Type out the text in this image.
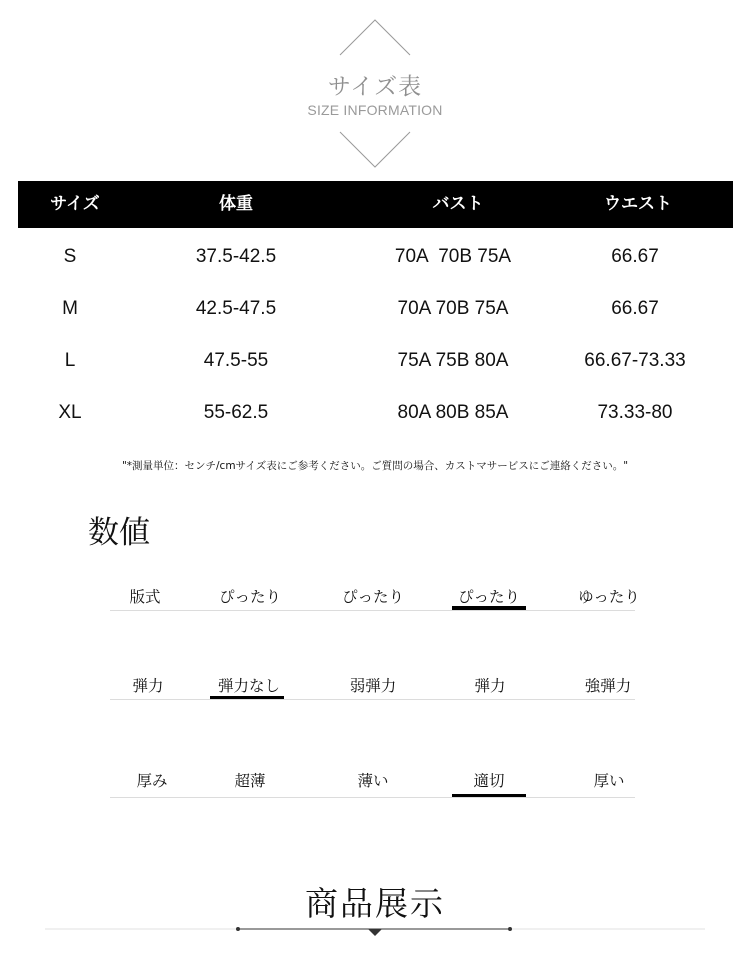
サイズ表
SIZE INFORMATION
サイズ	体重	バスト	ウエスト
S	37.5-42.5	70A  70B 75A	66.67
M	42.5-47.5	70A 70B 75A	66.67
L	47.5-55	75A 75B 80A	66.67-73.33
XL	55-62.5	80A 80B 85A	73.33-80
"*測量単位：センチ/cmサイズ表にご参考ください。ご質問の場合、カストマサービスにご連絡ください。"
数値
版式	ぴったり	ぴったり	ぴったり	ゆったり
弾力	弾力なし	弱弾力	弾力	強弾力
厚み	超薄	薄い	適切	厚い
商品展示
